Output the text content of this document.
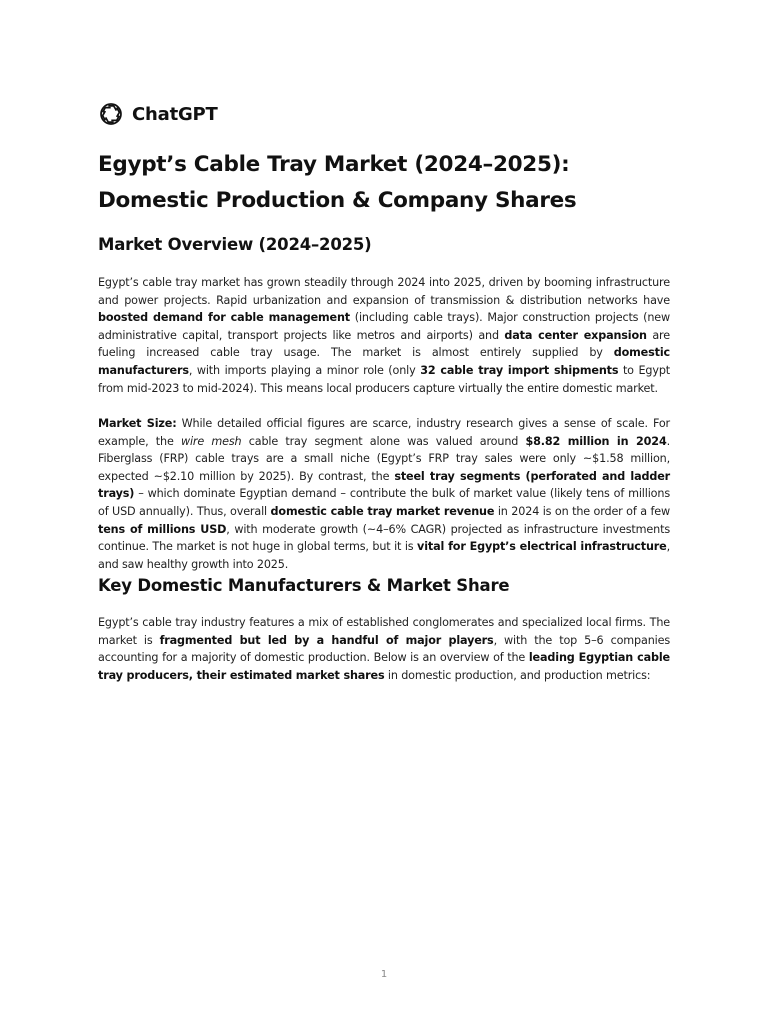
ChatGPT
Egypt’s Cable Tray Market (2024–2025): Domestic Production & Company Shares
Market Overview (2024–2025)

Egypt’s cable tray market has grown steadily through 2024 into 2025, driven by booming infrastructure and power projects. Rapid urbanization and expansion of transmission & distribution networks have boosted demand for cable management (including cable trays). Major construction projects (new administrative capital, transport projects like metros and airports) and data center expansion are fueling increased cable tray usage. The market is almost entirely supplied by domestic manufacturers, with imports playing a minor role (only 32 cable tray import shipments to Egypt from mid-2023 to mid-2024). This means local producers capture virtually the entire domestic market.

Market Size: While detailed official figures are scarce, industry research gives a sense of scale. For example, the wire mesh cable tray segment alone was valued around $8.82 million in 2024. Fiberglass (FRP) cable trays are a small niche (Egypt’s FRP tray sales were only ~$1.58 million, expected ~$2.10 million by 2025). By contrast, the steel tray segments (perforated and ladder trays) – which dominate Egyptian demand – contribute the bulk of market value (likely tens of millions of USD annually). Thus, overall domestic cable tray market revenue in 2024 is on the order of a few tens of millions USD, with moderate growth (~4–6% CAGR) projected as infrastructure investments continue. The market is not huge in global terms, but it is vital for Egypt’s electrical infrastructure, and saw healthy growth into 2025.

Key Domestic Manufacturers & Market Share

Egypt’s cable tray industry features a mix of established conglomerates and specialized local firms. The market is fragmented but led by a handful of major players, with the top 5–6 companies accounting for a majority of domestic production. Below is an overview of the leading Egyptian cable tray producers, their estimated market shares in domestic production, and production metrics:

1
